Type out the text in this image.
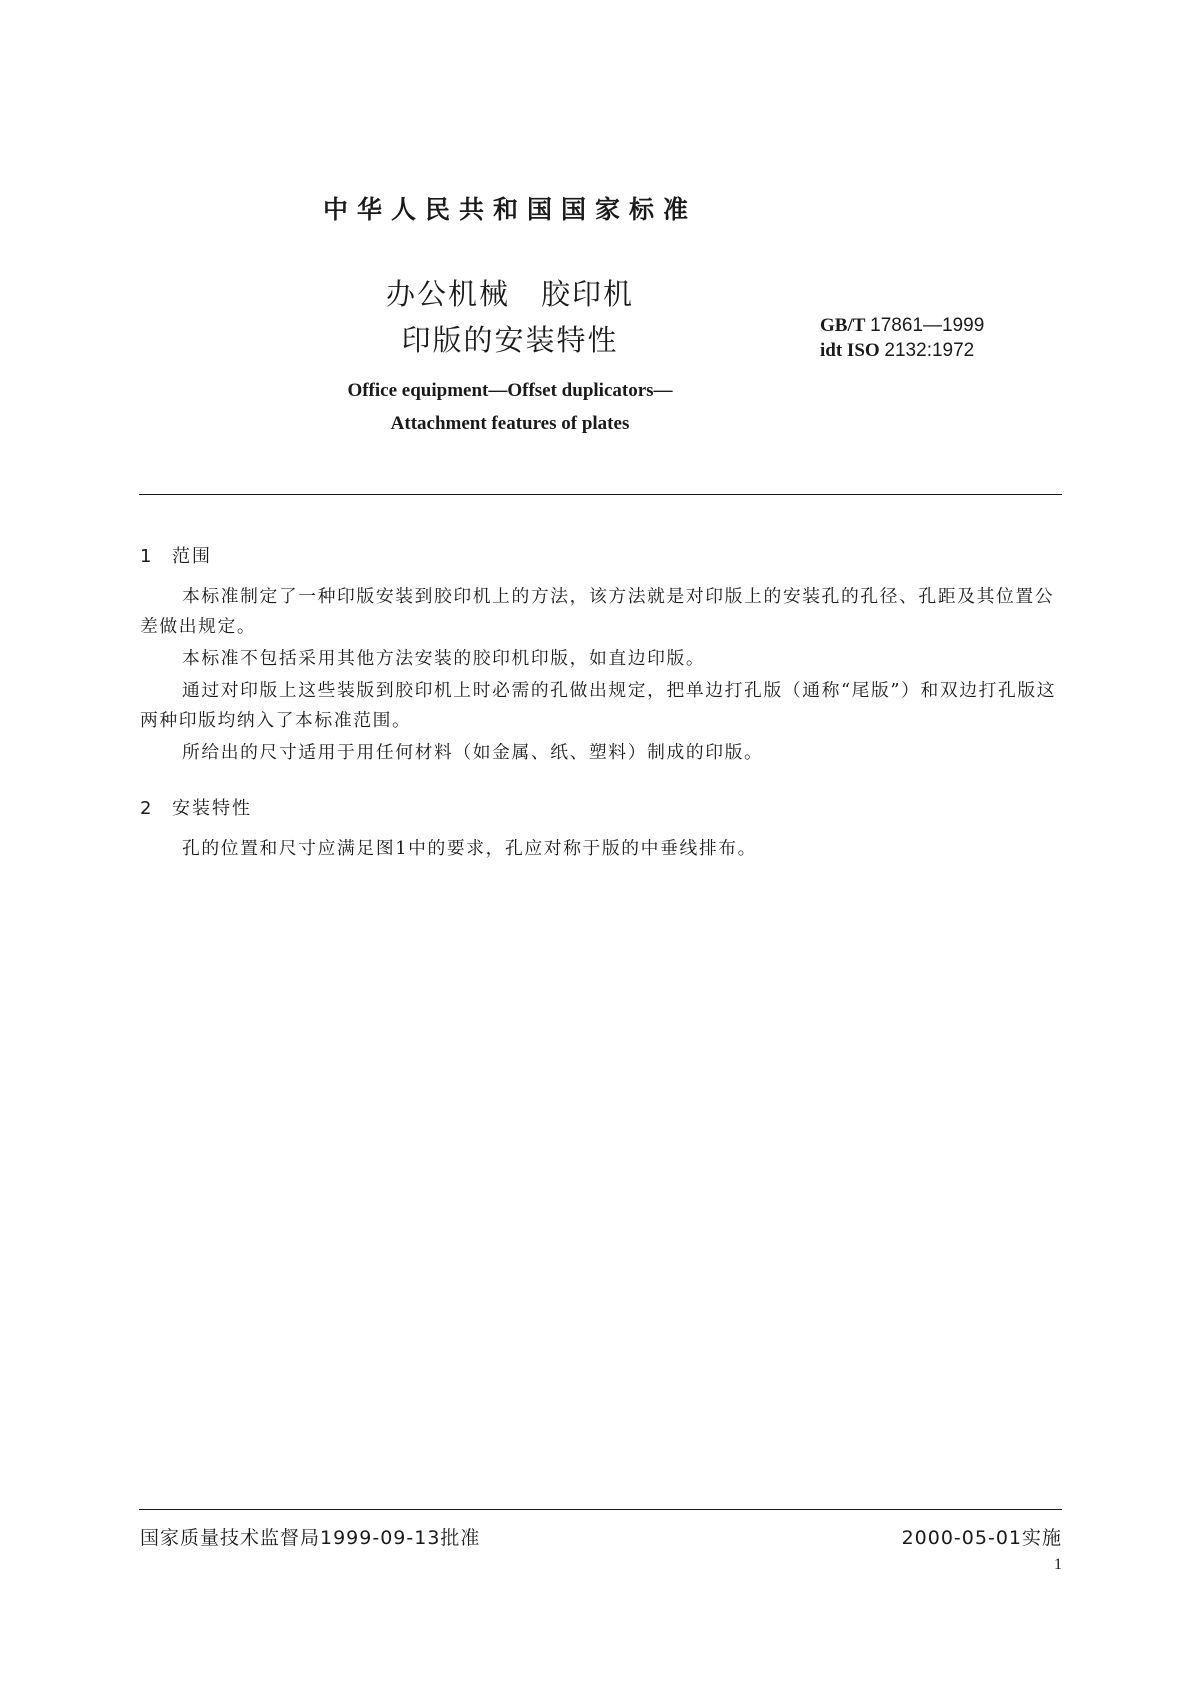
中华人民共和国国家标准
办公机械　胶印机
印版的安装特性	GB/T 17861—1999
idt ISO 2132:1972
Office equipment—Offset duplicators—
Attachment features of plates
1 范围
本标准制定了一种印版安装到胶印机上的方法，该方法就是对印版上的安装孔的孔径、孔距及其位置公差做出规定。
本标准不包括采用其他方法安装的胶印机印版，如直边印版。
通过对印版上这些装版到胶印机上时必需的孔做出规定，把单边打孔版（通称“尾版”）和双边打孔版这两种印版均纳入了本标准范围。
所给出的尺寸适用于用任何材料（如金属、纸、塑料）制成的印版。
2 安装特性
孔的位置和尺寸应满足图1中的要求，孔应对称于版的中垂线排布。
国家质量技术监督局1999-09-13批准	2000-05-01实施
1
